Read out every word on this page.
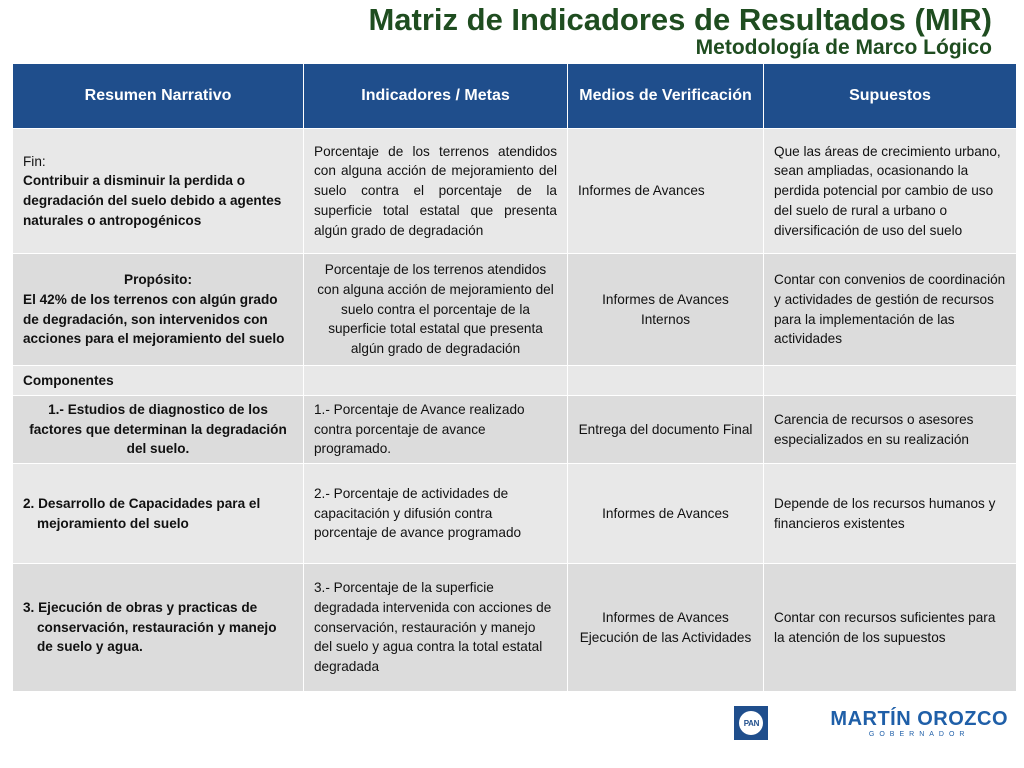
Matriz de Indicadores de Resultados (MIR)
Metodología de Marco Lógico
Resumen Narrativo	Indicadores / Metas	Medios de Verificación	Supuestos
Fin:
Contribuir a disminuir la perdida o degradación del suelo debido a agentes naturales o antropogénicos	Porcentaje de los terrenos atendidos con alguna acción de mejoramiento del suelo contra el porcentaje de la superficie total estatal que presenta algún grado de degradación	Informes de Avances	Que las áreas de crecimiento urbano, sean ampliadas, ocasionando la perdida potencial por cambio de uso del suelo de rural a urbano o diversificación de uso del suelo

Propósito:
El 42% de los terrenos con algún grado de degradación, son intervenidos con acciones para el mejoramiento del suelo	Porcentaje de los terrenos atendidos con alguna acción de mejoramiento del suelo contra el porcentaje de la superficie total estatal que presenta algún grado de degradación	Informes de Avances Internos	Contar con convenios de coordinación y actividades de gestión de recursos para la implementación de las actividades
Componentes			
1.- Estudios de diagnostico de los factores que determinan la degradación del suelo.	1.- Porcentaje de Avance realizado contra porcentaje de avance programado.	Entrega del documento Final	Carencia de recursos o asesores especializados en su realización

2. Desarrollo de Capacidades para el mejoramiento del suelo	2.- Porcentaje de actividades de capacitación y difusión contra porcentaje de avance programado	Informes de Avances	Depende de los recursos humanos y financieros existentes

3. Ejecución de obras y practicas de conservación, restauración y manejo de suelo y agua.	3.- Porcentaje de la superficie degradada intervenida con acciones de conservación, restauración y manejo del suelo y agua contra la total estatal degradada	Informes de Avances Ejecución de las Actividades	Contar con recursos suficientes para la atención de los supuestos
PAN	MARTÍN OROZCO
GOBERNADOR
